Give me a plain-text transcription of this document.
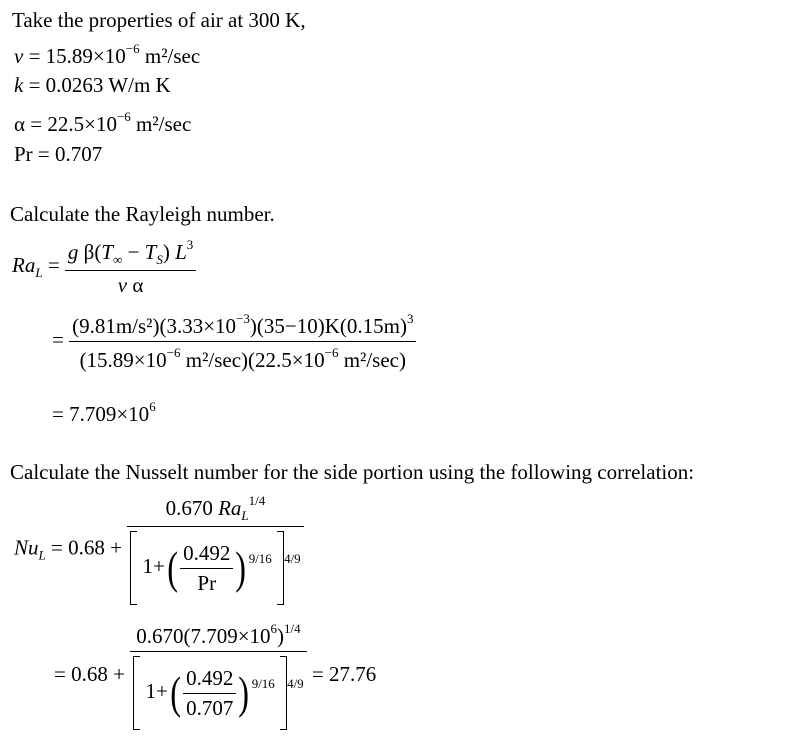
Take the properties of air at 300 K,
$\nu = 15.89\times 10^{-6}$ m²/sec
k = 0.0263 W/m K
$\alpha = 22.5\times 10^{-6}$ m²/sec
Pr = 0.707
Calculate the Rayleigh number.
$Ra_L = \frac{g \beta(T_\infty - T_S) L^3}{\text{ν α}}$
= $\frac{(9.81m/s^2)(3.33\times 10^{-3})(35-10)K(0.15m)^3}{(15.89\times 10^{-6} m^2/\sec)(22.5\times 10^{-6} m^2/\sec)}$
= $7.709\times 10^6$
Calculate the Nusselt number for the side portion using the following correlation:
$Nu_L = 0.68 + \frac{0.670 Ra_L^{1/4}}{1+( \frac{0.492}{Pr} ) ^{9/16} ^{4/9}}$
= $0.68 + \frac{0.670(7.709\times 10^6)^{1/4}}{1+( \frac{0.492}{0.707} ) ^{9/16} ^{4/9}} = 27.76$
